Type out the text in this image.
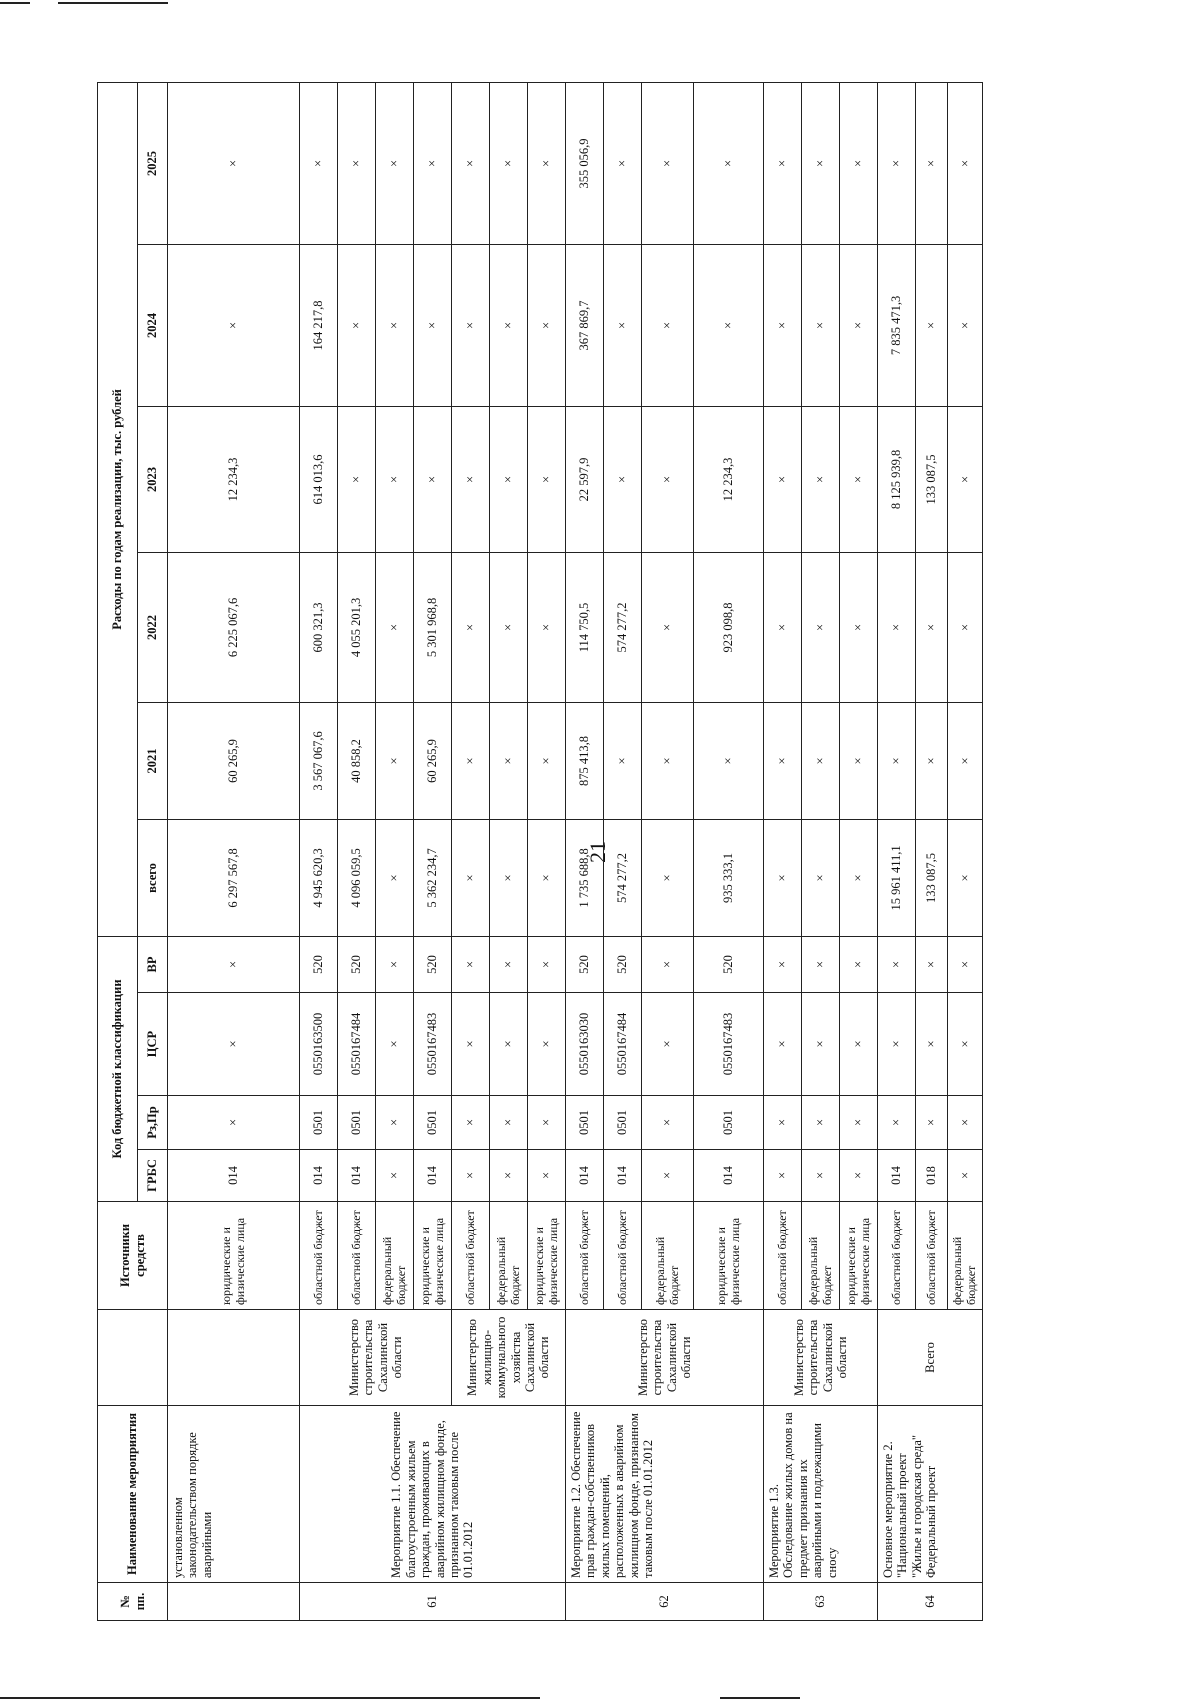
21
№ пп.	Наименование мероприятия		Источники средств	Код бюджетной классификации				Расходы по годам реализации, тыс. рублей					
				ГРБС	Рз,Пр	ЦСР	ВР	всего	2021	2022	2023	2024	2025
	установленном законодательством порядке аварийными		юридические и физические лица	014	×	×	×	6 297 567,8	60 265,9	6 225 067,6	12 234,3	×	×
61	Мероприятие 1.1. Обеспечение благоустроенным жильем граждан, проживающих в аварийном жилищном фонде, признанном таковым после 01.01.2012	Министерство строительства Сахалинской области	областной бюджет	014	0501	0550163500	520	4 945 620,3	3 567 067,6	600 321,3	614 013,6	164 217,8	×
			областной бюджет	014	0501	0550167484	520	4 096 059,5	40 858,2	4 055 201,3	×	×	×
			федеральный бюджет	×	×	×	×	×	×	×	×	×	×
			юридические и физические лица	014	0501	0550167483	520	5 362 234,7	60 265,9	5 301 968,8	×	×	×
		Министерство жилищно-коммунального хозяйства Сахалинской области	областной бюджет	×	×	×	×	×	×	×	×	×	×
			федеральный бюджет	×	×	×	×	×	×	×	×	×	×
			юридические и физические лица	×	×	×	×	×	×	×	×	×	×
62	Мероприятие 1.2. Обеспечение прав граждан-собственников жилых помещений, расположенных в аварийном жилищном фонде, признанном таковым после 01.01.2012	Министерство строительства Сахалинской области	областной бюджет	014	0501	0550163030	520	1 735 688,8	875 413,8	114 750,5	22 597,9	367 869,7	355 056,9
			областной бюджет	014	0501	0550167484	520	574 277,2	×	574 277,2	×	×	×
			федеральный бюджет	×	×	×	×	×	×	×	×	×	×
			юридические и физические лица	014	0501	0550167483	520	935 333,1	×	923 098,8	12 234,3	×	×
63	Мероприятие 1.3. Обследование жилых домов на предмет признания их аварийными и подлежащими сносу	Министерство строительства Сахалинской области	областной бюджет	×	×	×	×	×	×	×	×	×	×
			федеральный бюджет	×	×	×	×	×	×	×	×	×	×
			юридические и физические лица	×	×	×	×	×	×	×	×	×	×
64	Основное мероприятие 2. "Национальный проект "Жилье и городская среда" Федеральный проект	Всего	областной бюджет	014	×	×	×	15 961 411,1	×	×	8 125 939,8	7 835 471,3	×
			областной бюджет	018	×	×	×	133 087,5	×	×	133 087,5	×	×
			федеральный бюджет	×	×	×	×	×	×	×	×	×	×
